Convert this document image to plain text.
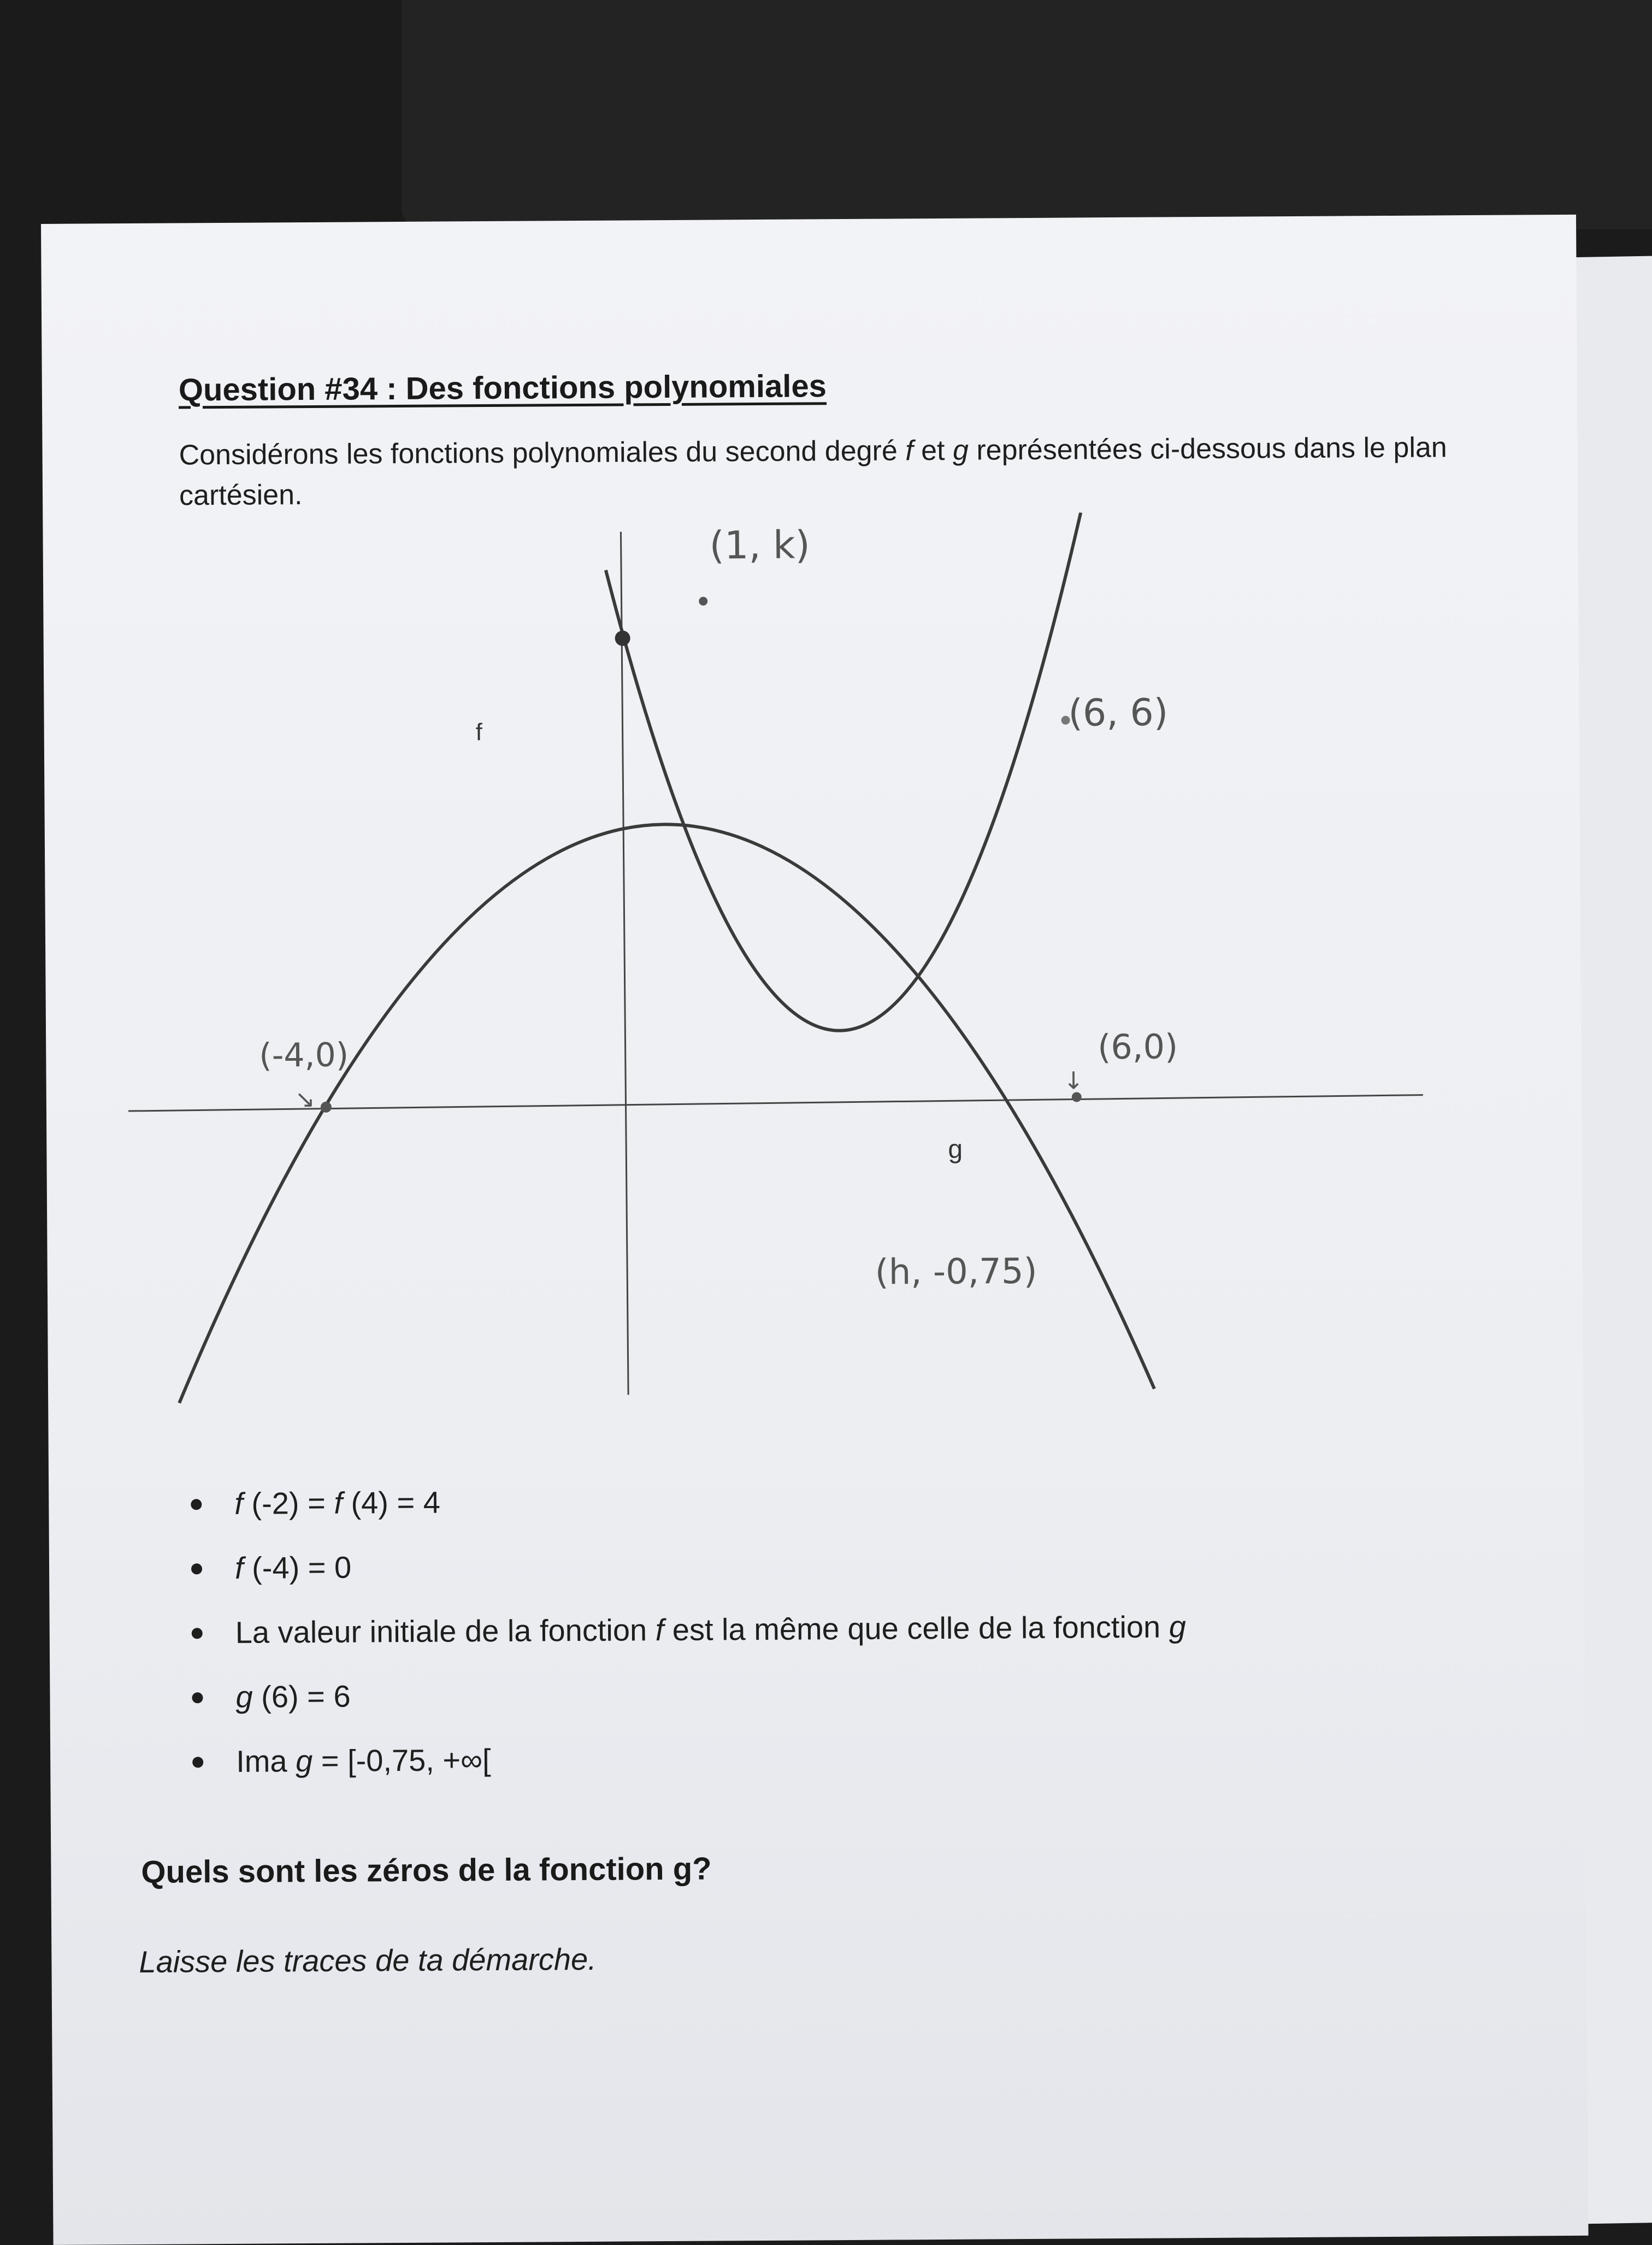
Question #34 : Des fonctions polynomiales
Considérons les fonctions polynomiales du second degré f et g représentées ci-dessous dans le plan cartésien.
f
g
(1, k)
(6, 6)
(-4,0)
↘
(6,0)
↓
(h, -0,75)
f (-2) = f (4) = 4
f (-4) = 0
La valeur initiale de la fonction f est la même que celle de la fonction g
g (6) = 6
Ima g = [-0,75, +∞[
Quels sont les zéros de la fonction g?
Laisse les traces de ta démarche.
